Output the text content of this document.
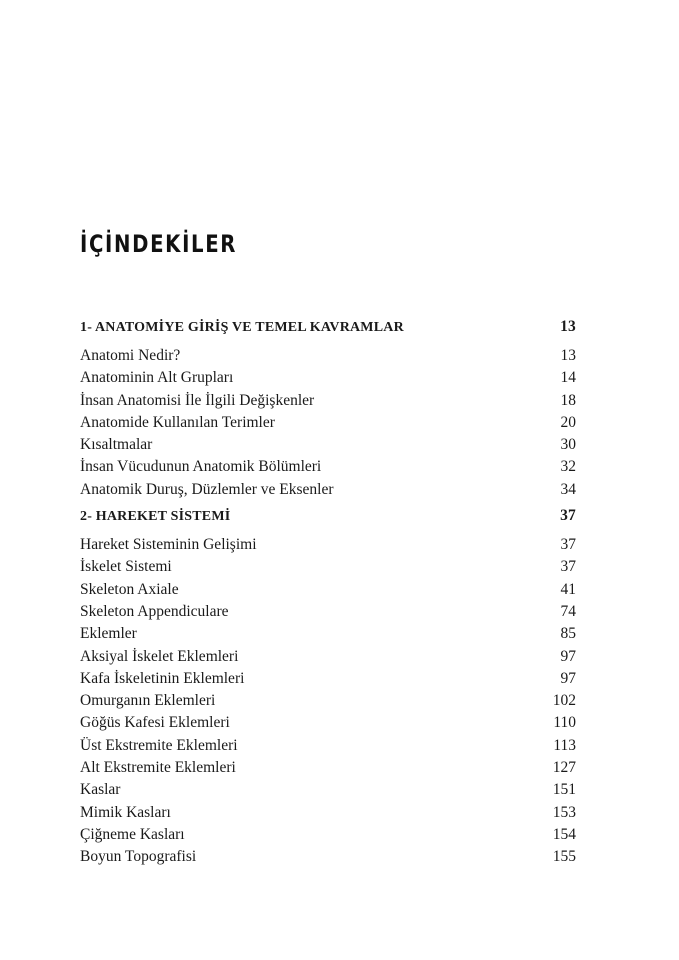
İÇİNDEKİLER
1- ANATOMİYE GİRİŞ VE TEMEL KAVRAMLAR	13
Anatomi Nedir?	13
Anatominin Alt Grupları	14
İnsan Anatomisi İle İlgili Değişkenler	18
Anatomide Kullanılan Terimler	20
Kısaltmalar	30
İnsan Vücudunun Anatomik Bölümleri	32
Anatomik Duruş, Düzlemler ve Eksenler	34
2- HAREKET SİSTEMİ	37
Hareket Sisteminin Gelişimi	37
İskelet Sistemi	37
Skeleton Axiale	41
Skeleton Appendiculare	74
Eklemler	85
Aksiyal İskelet Eklemleri	97
Kafa İskeletinin Eklemleri	97
Omurganın Eklemleri	102
Göğüs Kafesi Eklemleri	110
Üst Ekstremite Eklemleri	113
Alt Ekstremite Eklemleri	127
Kaslar	151
Mimik Kasları	153
Çiğneme Kasları	154
Boyun Topografisi	155
